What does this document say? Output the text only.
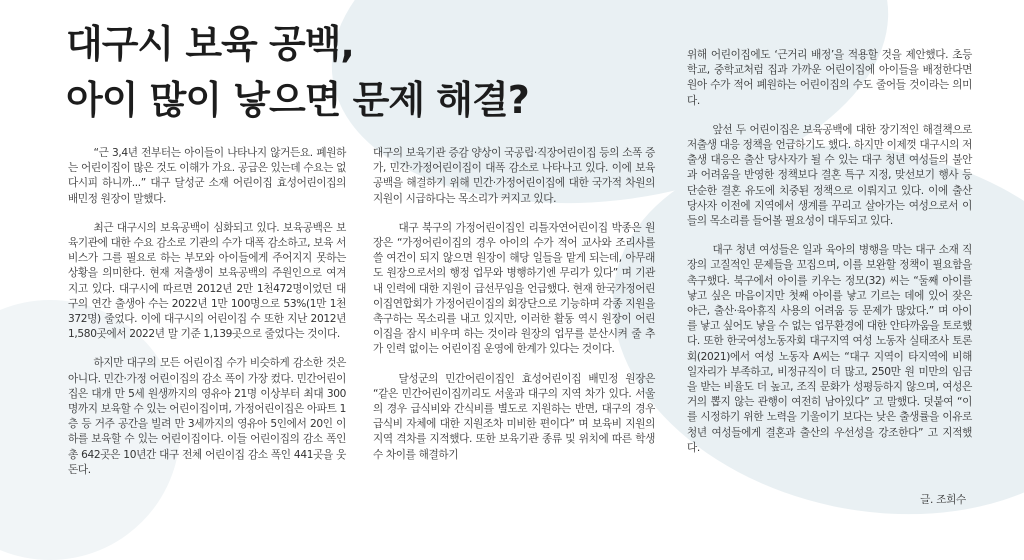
대구시 보육 공백,
아이 많이 낳으면 문제 해결?

“근 3,4년 전부터는 아이들이 나타나지 않거든요. 폐원하는 어린이집이 많은 것도 이해가 가요. 공급은 있는데 수요는 없다시피 하니까...” 대구 달성군 소재 어린이집 효성어린이집의 배민정 원장이 말했다.

최근 대구시의 보육공백이 심화되고 있다. 보육공백은 보육기관에 대한 수요 감소로 기관의 수가 대폭 감소하고, 보육 서비스가 그를 필요로 하는 부모와 아이들에게 주어지지 못하는 상황을 의미한다. 현재 저출생이 보육공백의 주원인으로 여겨지고 있다. 대구시에 따르면 2012년 2만 1천472명이었던 대구의 연간 출생아 수는 2022년 1만 100명으로 53%(1만 1천372명) 줄었다. 이에 대구시의 어린이집 수 또한 지난 2012년 1,580곳에서 2022년 말 기준 1,139곳으로 줄었다는 것이다.

하지만 대구의 모든 어린이집 수가 비슷하게 감소한 것은 아니다. 민간·가정 어린이집의 감소 폭이 가장 컸다. 민간어린이집은 대개 만 5세 원생까지의 영유아 21명 이상부터 최대 300명까지 보육할 수 있는 어린이집이며, 가정어린이집은 아파트 1층 등 거주 공간을 빌려 만 3세까지의 영유아 5인에서 20인 이하를 보육할 수 있는 어린이집이다. 이들 어린이집의 감소 폭인 총 642곳은 10년간 대구 전체 어린이집 감소 폭인 441곳을 웃돈다.

대구의 보육기관 증감 양상이 국공립·직장어린이집 등의 소폭 증가, 민간·가정어린이집이 대폭 감소로 나타나고 있다. 이에 보육공백을 해결하기 위해 민간·가정어린이집에 대한 국가적 차원의 지원이 시급하다는 목소리가 커지고 있다.

대구 북구의 가정어린이집인 리틀자연어린이집 박종은 원장은 “가정어린이집의 경우 아이의 수가 적어 교사와 조리사를 쓸 여건이 되지 않으면 원장이 해당 일들을 맡게 되는데, 아무래도 원장으로서의 행정 업무와 병행하기엔 무리가 있다” 며 기관 내 인력에 대한 지원이 급선무임을 언급했다. 현재 한국가정어린이집연합회가 가정어린이집의 회장단으로 기능하며 각종 지원을 촉구하는 목소리를 내고 있지만, 이러한 활동 역시 원장이 어린이집을 잠시 비우며 하는 것이라 원장의 업무를 분산시켜 줄 추가 인력 없이는 어린이집 운영에 한계가 있다는 것이다.

달성군의 민간어린이집인 효성어린이집 배민정 원장은 “같은 민간어린이집끼리도 서울과 대구의 지역 차가 있다. 서울의 경우 급식비와 간식비를 별도로 지원하는 반면, 대구의 경우 급식비 자체에 대한 지원조차 미비한 편이다” 며 보육비 지원의 지역 격차를 지적했다. 또한 보육기관 종류 및 위치에 따른 학생 수 차이를 해결하기

위해 어린이집에도 ‘근거리 배정’을 적용할 것을 제안했다. 초등학교, 중학교처럼 집과 가까운 어린이집에 아이들을 배정한다면 원아 수가 적어 폐원하는 어린이집의 수도 줄어들 것이라는 의미다.

앞선 두 어린이집은 보육공백에 대한 장기적인 해결책으로 저출생 대응 정책을 언급하기도 했다. 하지만 이제껏 대구시의 저출생 대응은 출산 당사자가 될 수 있는 대구 청년 여성들의 불안과 어려움을 반영한 정책보다 결혼 특구 지정, 맞선보기 행사 등 단순한 결혼 유도에 치중된 정책으로 이뤄지고 있다. 이에 출산 당사자 이전에 지역에서 생계를 꾸리고 살아가는 여성으로서 이들의 목소리를 들어볼 필요성이 대두되고 있다.

대구 청년 여성들은 일과 육아의 병행을 막는 대구 소재 직장의 고질적인 문제들을 꼬집으며, 이를 보완할 정책이 필요함을 촉구했다. 북구에서 아이를 키우는 정모(32) 씨는 “둘째 아이를 낳고 싶은 마음이지만 첫째 아이를 낳고 기르는 데에 있어 잦은 야근, 출산·육아휴직 사용의 어려움 등 문제가 많았다.” 며 아이를 낳고 싶어도 낳을 수 없는 업무환경에 대한 안타까움을 토로했다. 또한 한국여성노동자회 대구지역 여성 노동자 실태조사 토론회(2021)에서 여성 노동자 A씨는 “대구 지역이 타지역에 비해 일자리가 부족하고, 비정규직이 더 많고, 250만 원 미만의 임금을 받는 비율도 더 높고, 조직 문화가 성평등하지 않으며, 여성은 거의 뽑지 않는 관행이 여전히 남아있다” 고 말했다. 덧붙여 “이를 시정하기 위한 노력을 기울이기 보다는 낮은 출생률을 이유로 청년 여성들에게 결혼과 출산의 우선성을 강조한다” 고 지적했다.

글. 조희수
